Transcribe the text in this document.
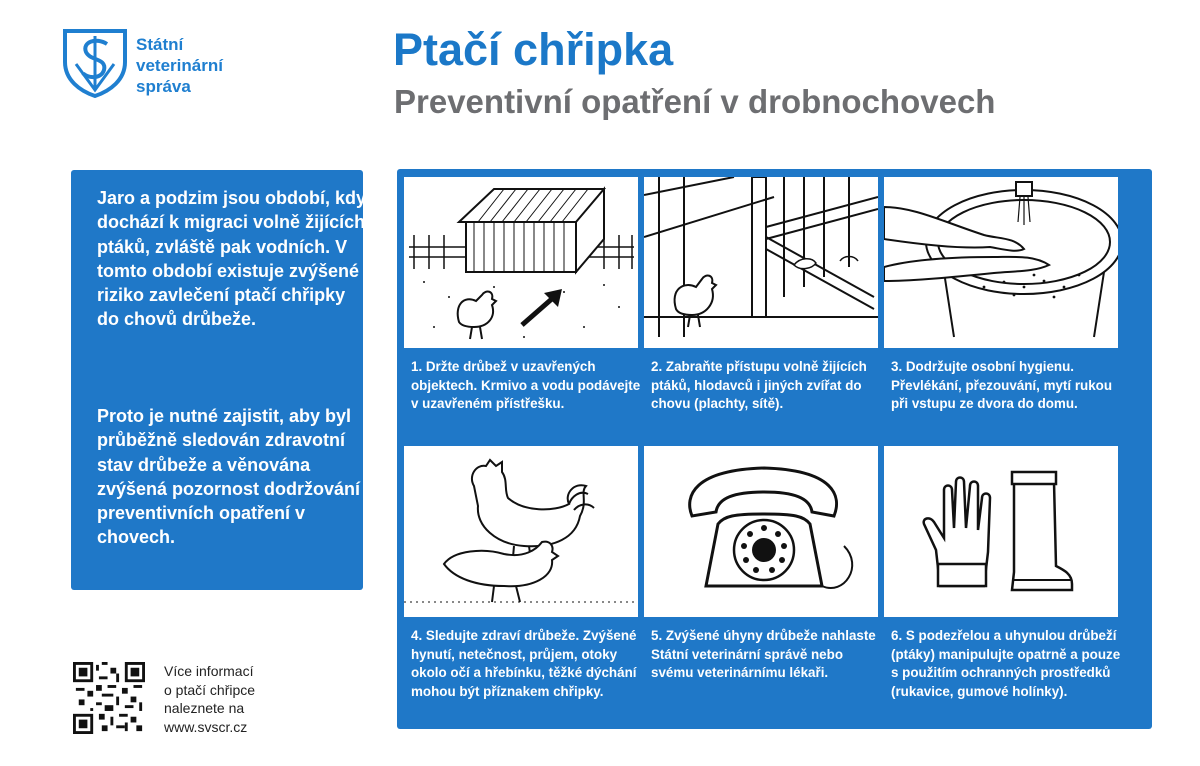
Státní
veterinární
správa
Ptačí chřipka
Preventivní opatření v drobnochovech

Jaro a podzim jsou období, kdy dochází k migraci volně žijících ptáků, zvláště pak vodních. V tomto období existuje zvýšené riziko zavlečení ptačí chřipky do chovů drůbeže.

Proto je nutné zajistit, aby byl průběžně sledován zdravotní stav drůbeže a věnována zvýšená pozornost dodržování preventivních opatření v chovech.

1. Držte drůbež v uzavřených objektech. Krmivo a vodu podávejte v uzavřeném přístřešku.
2. Zabraňte přístupu volně žijících ptáků, hlodavců i jiných zvířat do chovu (plachty, sítě).
3. Dodržujte osobní hygienu. Převlékání, přezouvání, mytí rukou při vstupu ze dvora do domu.
4. Sledujte zdraví drůbeže. Zvýšené hynutí, netečnost, průjem, otoky okolo očí a hřebínku, těžké dýchání mohou být příznakem chřipky.
5. Zvýšené úhyny drůbeže nahlaste Státní veterinární správě nebo svému veterinárnímu lékaři.
6. S podezřelou a uhynulou drůbeží (ptáky) manipulujte opatrně a pouze s použitím ochranných prostředků (rukavice, gumové holínky).
Více informací
o ptačí chřipce
naleznete na
www.svscr.cz
